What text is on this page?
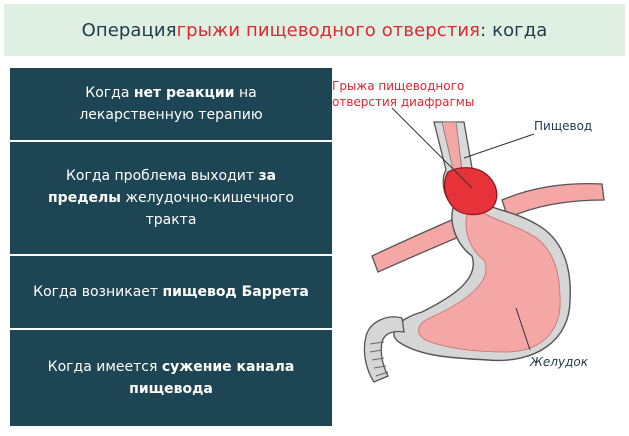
Операция грыжи пищеводного отверстия : когда
Когда нет реакции на лекарственную терапию
Когда проблема выходит за пределы желудочно-кишечного тракта
Когда возникает пищевод Баррета
Когда имеется сужение канала пищевода
Грыжа пищеводного
отверстия диафрагмы
Пищевод
Желудок
